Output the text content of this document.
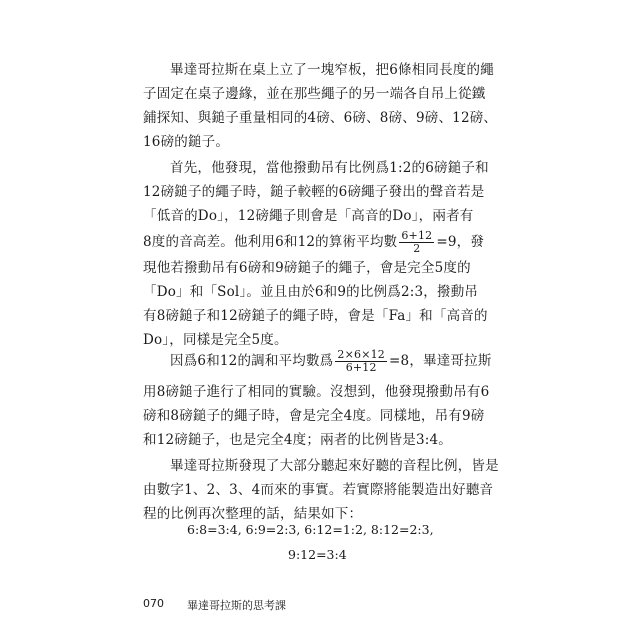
畢達哥拉斯在桌上立了一塊窄板，把6條相同長度的繩
子固定在桌子邊緣，並在那些繩子的另一端各自吊上從鐵
鋪探知、與鎚子重量相同的4磅、6磅、8磅、9磅、12磅、
16磅的鎚子。
首先，他發現，當他撥動吊有比例爲1:2的6磅鎚子和
12磅鎚子的繩子時，鎚子較輕的6磅繩子發出的聲音若是
「低音的Do」，12磅繩子則會是「高音的Do」，兩者有
8度的音高差。他利用6和12的算術平均數 $\frac{6+12}{2} =9$，發
現他若撥動吊有6磅和9磅鎚子的繩子，會是完全5度的
「Do」和「Sol」。並且由於6和9的比例爲2:3，撥動吊
有8磅鎚子和12磅鎚子的繩子時，會是「Fa」和「高音的
Do」，同樣是完全5度。
因爲6和12的調和平均數爲 $\frac{2\times 6\times 12}{6+12} =8$，畢達哥拉斯
用8磅鎚子進行了相同的實驗。沒想到，他發現撥動吊有6
磅和8磅鎚子的繩子時，會是完全4度。同樣地，吊有9磅
和12磅鎚子，也是完全4度；兩者的比例皆是3:4。
畢達哥拉斯發現了大部分聽起來好聽的音程比例，皆是
由數字1、2、3、4而來的事實。若實際將能製造出好聽音
程的比例再次整理的話，結果如下：
6:8=3:4, 6:9=2:3, 6:12=1:2, 8:12=2:3,
9:12=3:4
070 畢達哥拉斯的思考課
